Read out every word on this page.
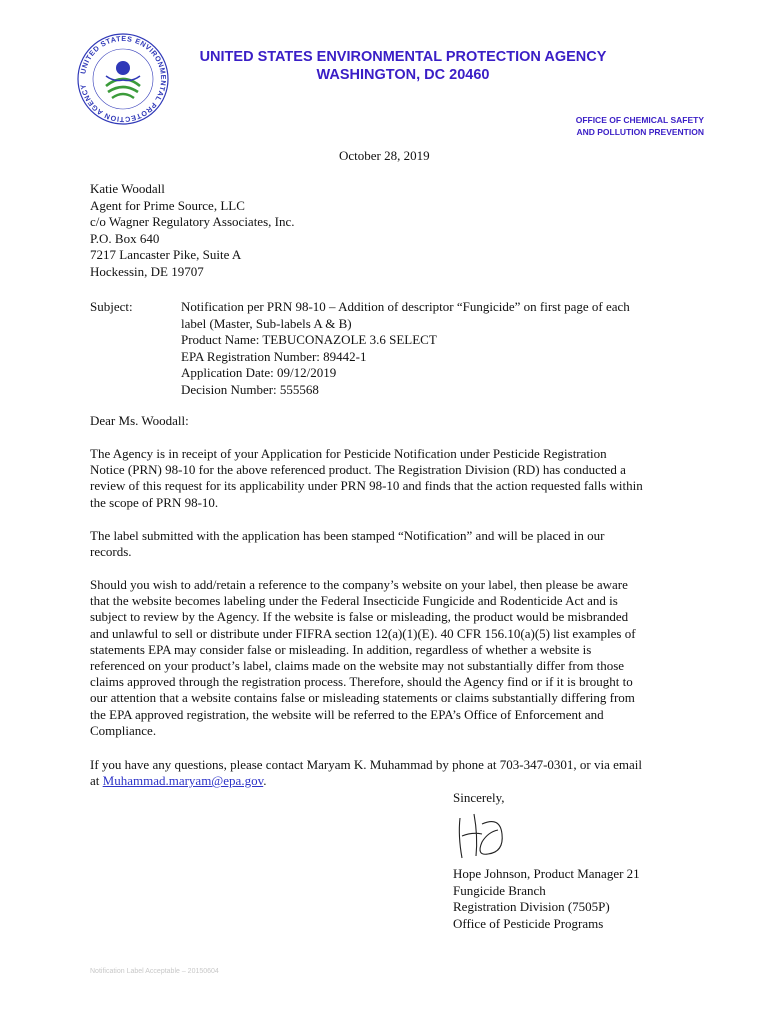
UNITED STATES ENVIRONMENTAL PROTECTION AGENCY
UNITED STATES ENVIRONMENTAL PROTECTION AGENCY
WASHINGTON, DC 20460
OFFICE OF CHEMICAL SAFETY
AND POLLUTION PREVENTION
October 28, 2019
Katie Woodall
Agent for Prime Source, LLC
c/o Wagner Regulatory Associates, Inc.
P.O. Box 640
7217 Lancaster Pike, Suite A
Hockessin, DE 19707
Subject:	Notification per PRN 98-10 – Addition of descriptor “Fungicide” on first page of each
label (Master, Sub-labels A & B)
Product Name: TEBUCONAZOLE 3.6 SELECT
EPA Registration Number: 89442-1
Application Date: 09/12/2019
Decision Number: 555568
Dear Ms. Woodall:
The Agency is in receipt of your Application for Pesticide Notification under Pesticide Registration
Notice (PRN) 98-10 for the above referenced product. The Registration Division (RD) has conducted a
review of this request for its applicability under PRN 98-10 and finds that the action requested falls within
the scope of PRN 98-10.
The label submitted with the application has been stamped “Notification” and will be placed in our
records.
Should you wish to add/retain a reference to the company’s website on your label, then please be aware
that the website becomes labeling under the Federal Insecticide Fungicide and Rodenticide Act and is
subject to review by the Agency. If the website is false or misleading, the product would be misbranded
and unlawful to sell or distribute under FIFRA section 12(a)(1)(E). 40 CFR 156.10(a)(5) list examples of
statements EPA may consider false or misleading. In addition, regardless of whether a website is
referenced on your product’s label, claims made on the website may not substantially differ from those
claims approved through the registration process. Therefore, should the Agency find or if it is brought to
our attention that a website contains false or misleading statements or claims substantially differing from
the EPA approved registration, the website will be referred to the EPA’s Office of Enforcement and
Compliance.
If you have any questions, please contact Maryam K. Muhammad by phone at 703-347-0301, or via email
at Muhammad.maryam@epa.gov.
Sincerely,
Hope Johnson, Product Manager 21
Fungicide Branch
Registration Division (7505P)
Office of Pesticide Programs
Notification Label Acceptable – 20150604
